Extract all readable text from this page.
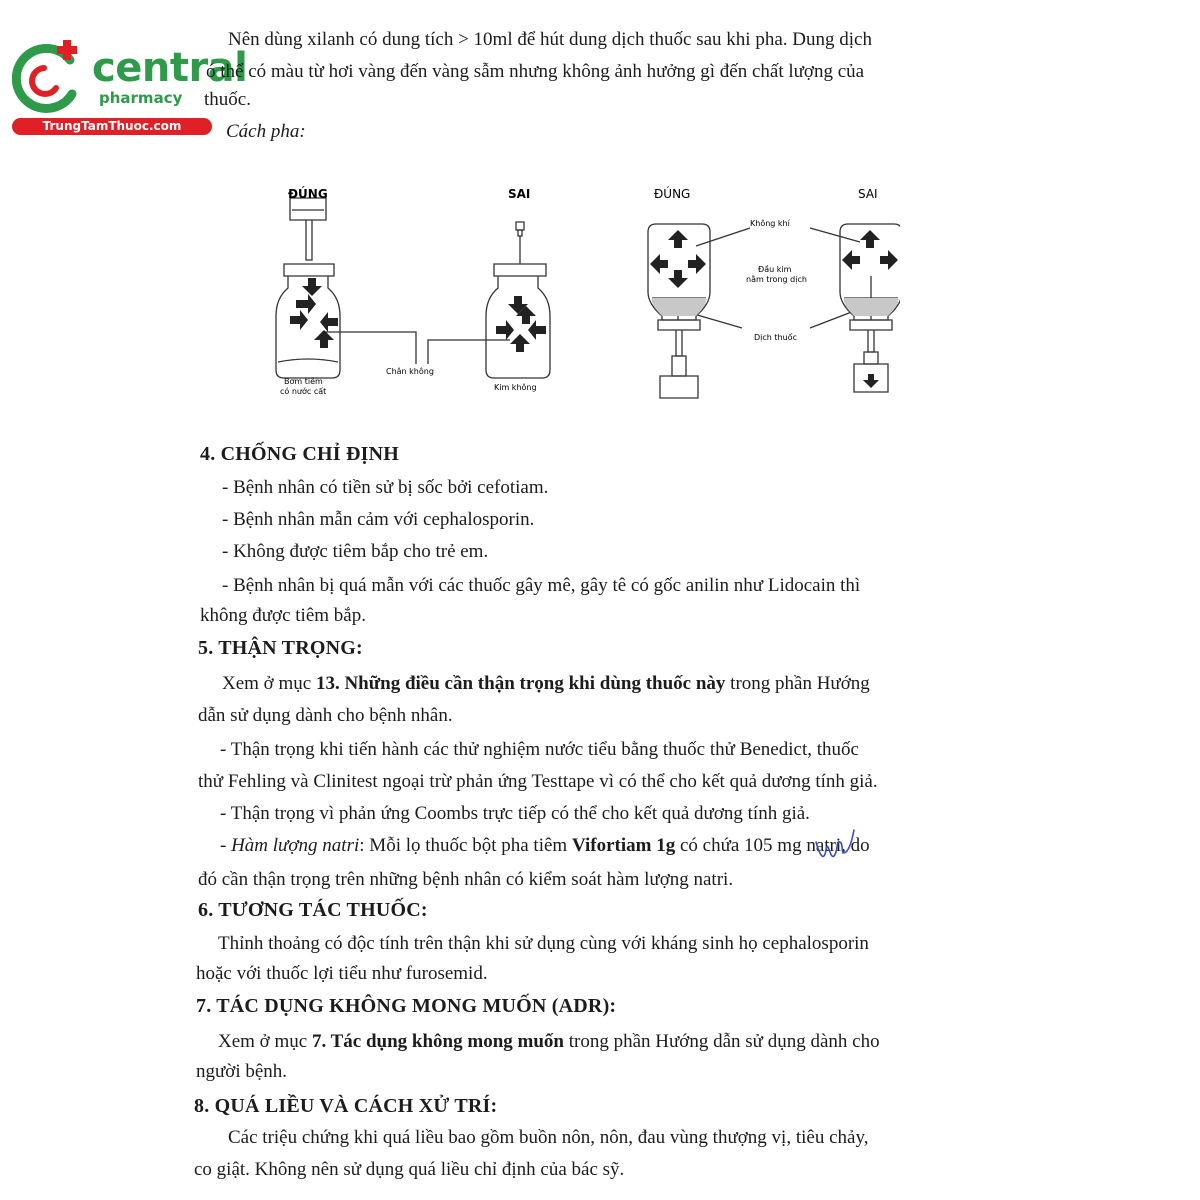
central
pharmacy
TrungTamThuoc.com
Nên dùng xilanh có dung tích > 10ml để hút dung dịch thuốc sau khi pha. Dung dịch
ó thể có màu từ hơi vàng đến vàng sẫm nhưng không ảnh hưởng gì đến chất lượng của
thuốc.
Cách pha:
ĐÚNG	SAI	ĐÚNG	SAI
Bơm tiêm
có nước cất
Chân không
Kim không
Không khí
Đầu kim
nằm trong dịch
Dịch thuốc
4. CHỐNG CHỈ ĐỊNH
- Bệnh nhân có tiền sử bị sốc bởi cefotiam.
- Bệnh nhân mẫn cảm với cephalosporin.
- Không được tiêm bắp cho trẻ em.
- Bệnh nhân bị quá mẫn với các thuốc gây mê, gây tê có gốc anilin như Lidocain thì
không được tiêm bắp.
5. THẬN TRỌNG:
Xem ở mục 13. Những điều cần thận trọng khi dùng thuốc này trong phần Hướng
dẫn sử dụng dành cho bệnh nhân.
- Thận trọng khi tiến hành các thử nghiệm nước tiểu bằng thuốc thử Benedict, thuốc
thử Fehling và Clinitest ngoại trừ phản ứng Testtape vì có thể cho kết quả dương tính giả.
- Thận trọng vì phản ứng Coombs trực tiếp có thể cho kết quả dương tính giả.
- Hàm lượng natri: Mỗi lọ thuốc bột pha tiêm Vifortiam 1g có chứa 105 mg natri, do
đó cần thận trọng trên những bệnh nhân có kiểm soát hàm lượng natri.
6. TƯƠNG TÁC THUỐC:
Thỉnh thoảng có độc tính trên thận khi sử dụng cùng với kháng sinh họ cephalosporin
hoặc với thuốc lợi tiểu như furosemid.
7. TÁC DỤNG KHÔNG MONG MUỐN (ADR):
Xem ở mục 7. Tác dụng không mong muốn trong phần Hướng dẫn sử dụng dành cho
người bệnh.
8. QUÁ LIỀU VÀ CÁCH XỬ TRÍ:
Các triệu chứng khi quá liều bao gồm buồn nôn, nôn, đau vùng thượng vị, tiêu chảy,
co giật. Không nên sử dụng quá liều chỉ định của bác sỹ.
